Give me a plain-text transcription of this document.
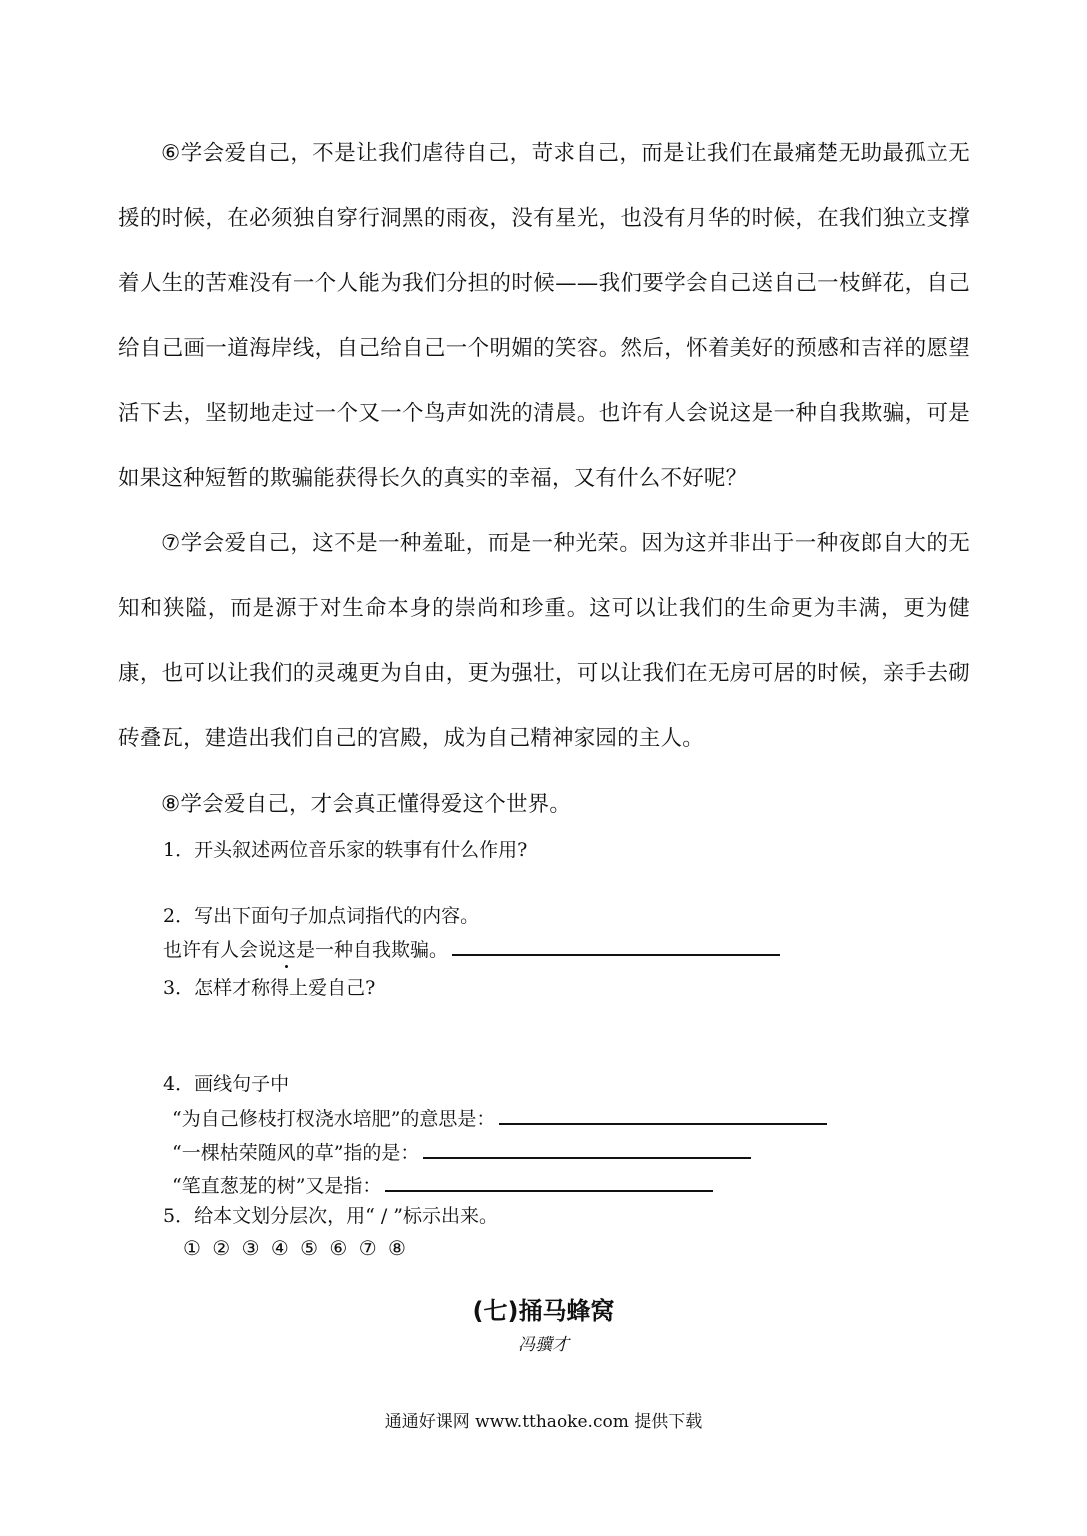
⑥学会爱自己，不是让我们虐待自己，苛求自己，而是让我们在最痛楚无助最孤立无援的时候，在必须独自穿行洞黑的雨夜，没有星光，也没有月华的时候，在我们独立支撑着人生的苦难没有一个人能为我们分担的时候——我们要学会自己送自己一枝鲜花，自己给自己画一道海岸线，自己给自己一个明媚的笑容。然后，怀着美好的预感和吉祥的愿望活下去，坚韧地走过一个又一个鸟声如洗的清晨。也许有人会说这是一种自我欺骗，可是如果这种短暂的欺骗能获得长久的真实的幸福，又有什么不好呢？

⑦学会爱自己，这不是一种羞耻，而是一种光荣。因为这并非出于一种夜郎自大的无知和狭隘，而是源于对生命本身的崇尚和珍重。这可以让我们的生命更为丰满，更为健康，也可以让我们的灵魂更为自由，更为强壮，可以让我们在无房可居的时候，亲手去砌砖叠瓦，建造出我们自己的宫殿，成为自己精神家园的主人。

⑧学会爱自己，才会真正懂得爱这个世界。

1．开头叙述两位音乐家的轶事有什么作用?

2．写出下面句子加点词指代的内容。

也许有人会说这是一种自我欺骗。

3．怎样才称得上爱自己?

4．画线句子中

“为自己修枝打杈浇水培肥”的意思是：

“一棵枯荣随风的草”指的是：

“笔直葱茏的树”又是指：

5．给本文划分层次，用“ / ”标示出来。

① ② ③ ④ ⑤ ⑥ ⑦ ⑧
(七)捅马蜂窝
冯骥才
通通好课网 www.tthaoke.com 提供下载
